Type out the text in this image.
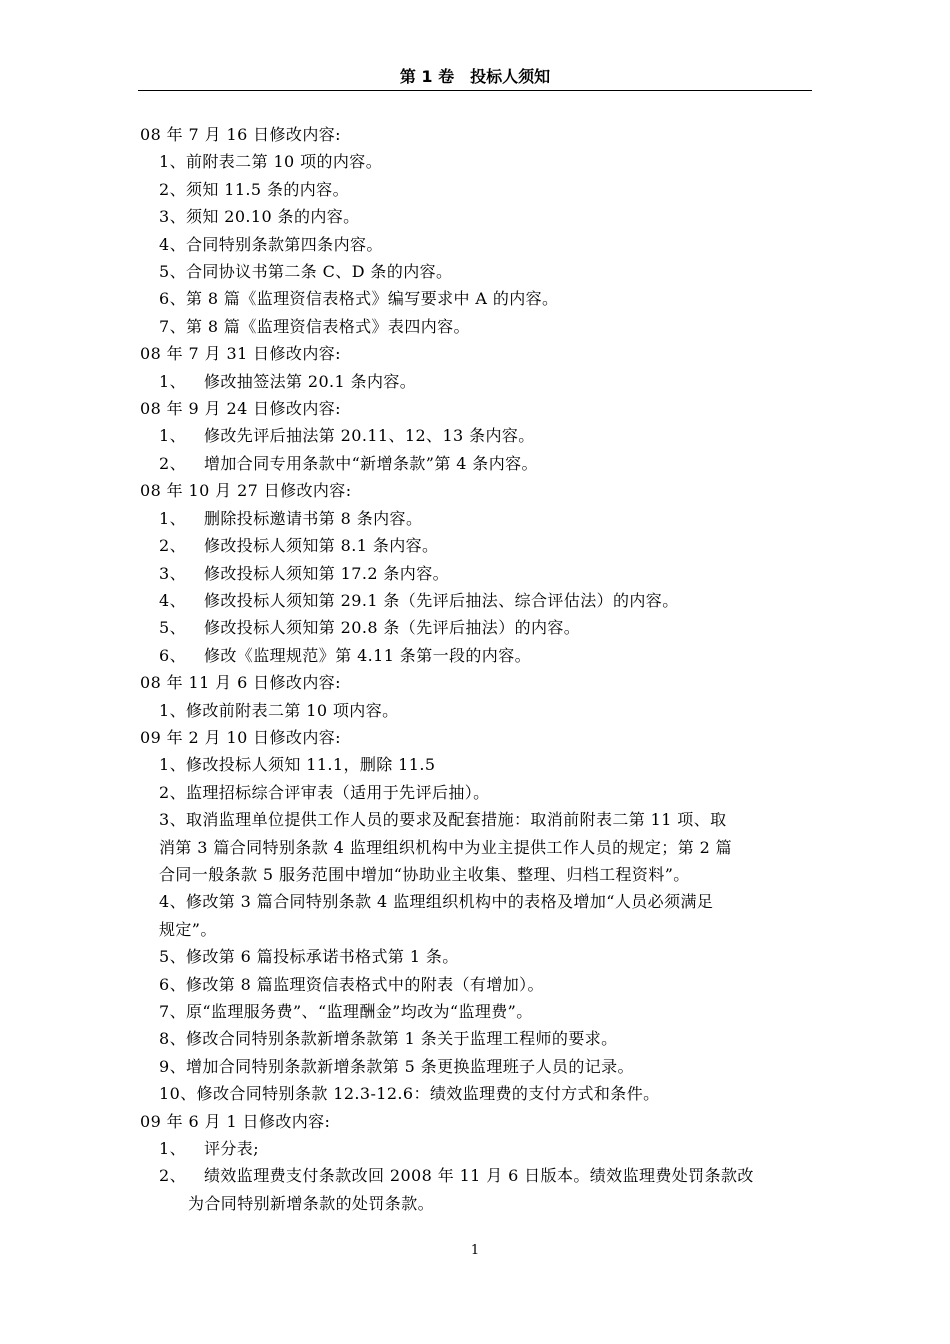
第 1 卷　投标人须知
08 年 7 月 16 日修改内容:
1、前附表二第 10 项的内容。
2、须知 11.5 条的内容。
3、须知 20.10 条的内容。
4、合同特别条款第四条内容。
5、合同协议书第二条 C、D 条的内容。
6、第 8 篇《监理资信表格式》编写要求中 A 的内容。
7、第 8 篇《监理资信表格式》表四内容。
08 年 7 月 31 日修改内容:
1、 修改抽签法第 20.1 条内容。
08 年 9 月 24 日修改内容:
1、 修改先评后抽法第 20.11、12、13 条内容。
2、 增加合同专用条款中“新增条款”第 4 条内容。
08 年 10 月 27 日修改内容:
1、 删除投标邀请书第 8 条内容。
2、 修改投标人须知第 8.1 条内容。
3、 修改投标人须知第 17.2 条内容。
4、 修改投标人须知第 29.1 条（先评后抽法、综合评估法）的内容。
5、 修改投标人须知第 20.8 条（先评后抽法）的内容。
6、 修改《监理规范》第 4.11 条第一段的内容。
08 年 11 月 6 日修改内容:
1、修改前附表二第 10 项内容。
09 年 2 月 10 日修改内容:
1、修改投标人须知 11.1，删除 11.5
2、监理招标综合评审表（适用于先评后抽）。
3、取消监理单位提供工作人员的要求及配套措施：取消前附表二第 11 项、取
消第 3 篇合同特别条款 4 监理组织机构中为业主提供工作人员的规定；第 2 篇
合同一般条款 5 服务范围中增加“协助业主收集、整理、归档工程资料”。
4、修改第 3 篇合同特别条款 4 监理组织机构中的表格及增加“人员必须满足
规定”。
5、修改第 6 篇投标承诺书格式第 1 条。
6、修改第 8 篇监理资信表格式中的附表（有增加）。
7、原“监理服务费”、“监理酬金”均改为“监理费”。
8、修改合同特别条款新增条款第 1 条关于监理工程师的要求。
9、增加合同特别条款新增条款第 5 条更换监理班子人员的记录。
10、修改合同特别条款 12.3-12.6：绩效监理费的支付方式和条件。
09 年 6 月 1 日修改内容:
1、 评分表;
2、 绩效监理费支付条款改回 2008 年 11 月 6 日版本。绩效监理费处罚条款改
为合同特别新增条款的处罚条款。
1
